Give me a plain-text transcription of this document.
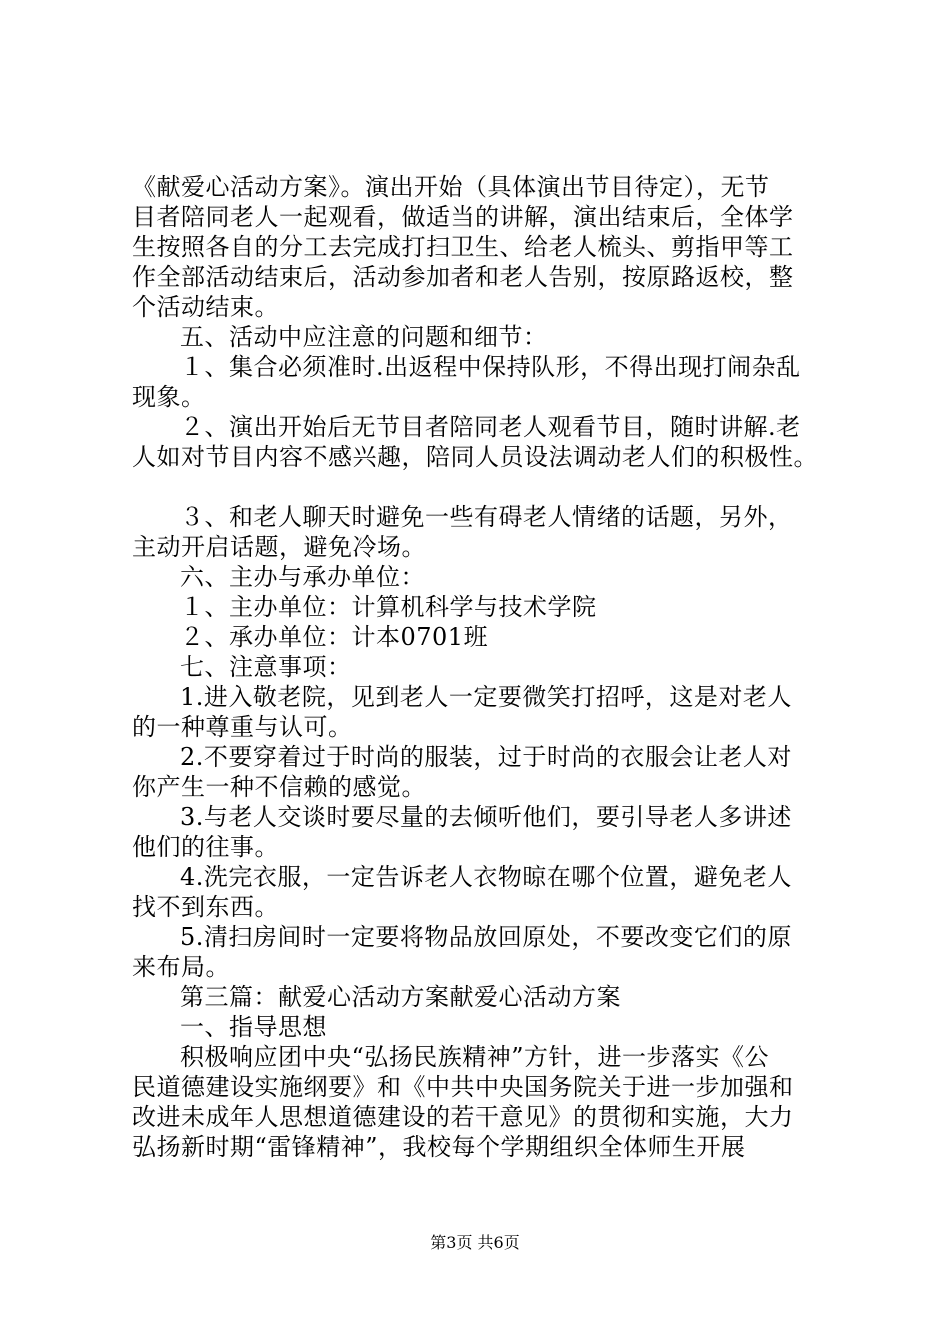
《献爱心活动方案》。演出开始（具体演出节目待定），无节
目者陪同老人一起观看，做适当的讲解，演出结束后，全体学
生按照各自的分工去完成打扫卫生、给老人梳头、剪指甲等工
作全部活动结束后，活动参加者和老人告别，按原路返校，整
个活动结束。
五、活动中应注意的问题和细节：
１、集合必须准时.出返程中保持队形，不得出现打闹杂乱
现象。
２、演出开始后无节目者陪同老人观看节目，随时讲解.老
人如对节目内容不感兴趣，陪同人员设法调动老人们的积极性。
３、和老人聊天时避免一些有碍老人情绪的话题，另外，
主动开启话题，避免冷场。
六、主办与承办单位：
１、主办单位：计算机科学与技术学院
２、承办单位：计本0701班
七、注意事项：
1.进入敬老院，见到老人一定要微笑打招呼，这是对老人
的一种尊重与认可。
2.不要穿着过于时尚的服装，过于时尚的衣服会让老人对
你产生一种不信赖的感觉。
3.与老人交谈时要尽量的去倾听他们，要引导老人多讲述
他们的往事。
4.洗完衣服，一定告诉老人衣物晾在哪个位置，避免老人
找不到东西。
5.清扫房间时一定要将物品放回原处，不要改变它们的原
来布局。
第三篇：献爱心活动方案献爱心活动方案
一、指导思想
积极响应团中央“弘扬民族精神”方针，进一步落实《公
民道德建设实施纲要》和《中共中央国务院关于进一步加强和
改进未成年人思想道德建设的若干意见》的贯彻和实施，大力
弘扬新时期“雷锋精神”，我校每个学期组织全体师生开展
第3页 共6页
